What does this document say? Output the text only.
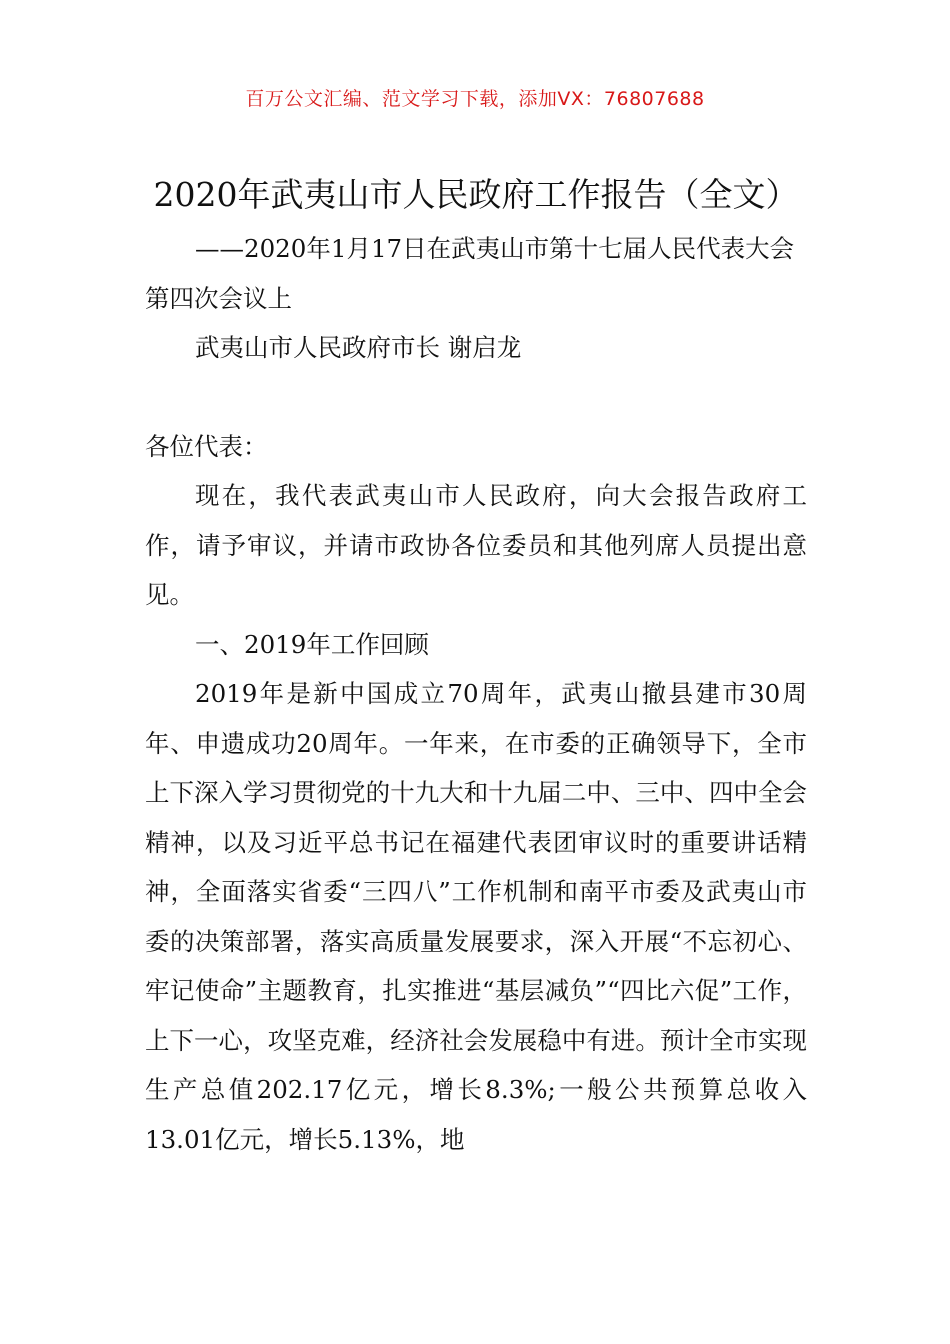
百万公文汇编、范文学习下载，添加VX：76807688
2020年武夷山市人民政府工作报告（全文）

——2020年1月17日在武夷山市第十七届人民代表大会第四次会议上

武夷山市人民政府市长 谢启龙

各位代表：

现在，我代表武夷山市人民政府，向大会报告政府工作，请予审议，并请市政协各位委员和其他列席人员提出意见。

一、2019年工作回顾

2019年是新中国成立70周年，武夷山撤县建市30周年、申遗成功20周年。一年来，在市委的正确领导下，全市上下深入学习贯彻党的十九大和十九届二中、三中、四中全会精神，以及习近平总书记在福建代表团审议时的重要讲话精神，全面落实省委“三四八”工作机制和南平市委及武夷山市委的决策部署，落实高质量发展要求，深入开展“不忘初心、牢记使命”主题教育，扎实推进“基层减负”“四比六促”工作，上下一心，攻坚克难，经济社会发展稳中有进。预计全市实现生产总值202.17亿元，增长8.3%;一般公共预算总收入13.01亿元，增长5.13%，地
